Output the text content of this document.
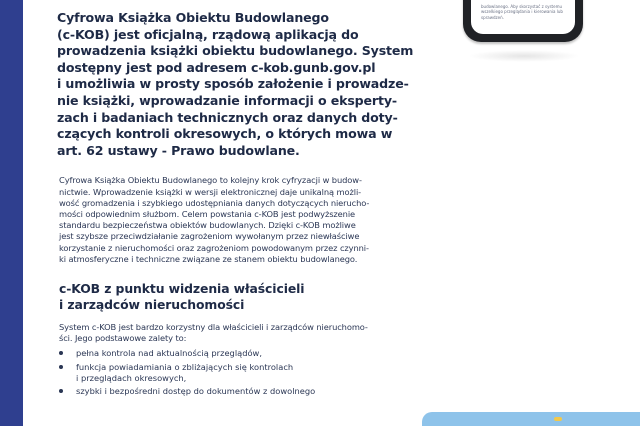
budowlanego. Aby skorzystać z systemu
wszelkiego przeglądania i kierowania lub
sprawdzeń.

Cyfrowa Książka Obiektu Budowlanego
(c-KOB) jest oficjalną, rządową aplikacją do
prowadzenia książki obiektu budowlanego. System
dostępny jest pod adresem c-kob.gunb.gov.pl
i umożliwia w prosty sposób założenie i prowadze-
nie książki, wprowadzanie informacji o eksperty-
zach i badaniach technicznych oraz danych doty-
czących kontroli okresowych, o których mowa w
art. 62 ustawy - Prawo budowlane.

Cyfrowa Książka Obiektu Budowlanego to kolejny krok cyfryzacji w budow-
nictwie. Wprowadzenie książki w wersji elektronicznej daje unikalną możli-
wość gromadzenia i szybkiego udostępniania danych dotyczących nierucho-
mości odpowiednim służbom. Celem powstania c-KOB jest podwyższenie
standardu bezpieczeństwa obiektów budowlanych. Dzięki c-KOB możliwe
jest szybsze przeciwdziałanie zagrożeniom wywołanym przez niewłaściwe
korzystanie z nieruchomości oraz zagrożeniom powodowanym przez czynni-
ki atmosferyczne i techniczne związane ze stanem obiektu budowlanego.

c-KOB z punktu widzenia właścicieli
i zarządców nieruchomości

System c-KOB jest bardzo korzystny dla właścicieli i zarządców nieruchomo-
ści. Jego podstawowe zalety to:

pełna kontrola nad aktualnością przeglądów,
funkcja powiadamiania o zbliżających się kontrolach
i przeglądach okresowych,
szybki i bezpośredni dostęp do dokumentów z dowolnego
